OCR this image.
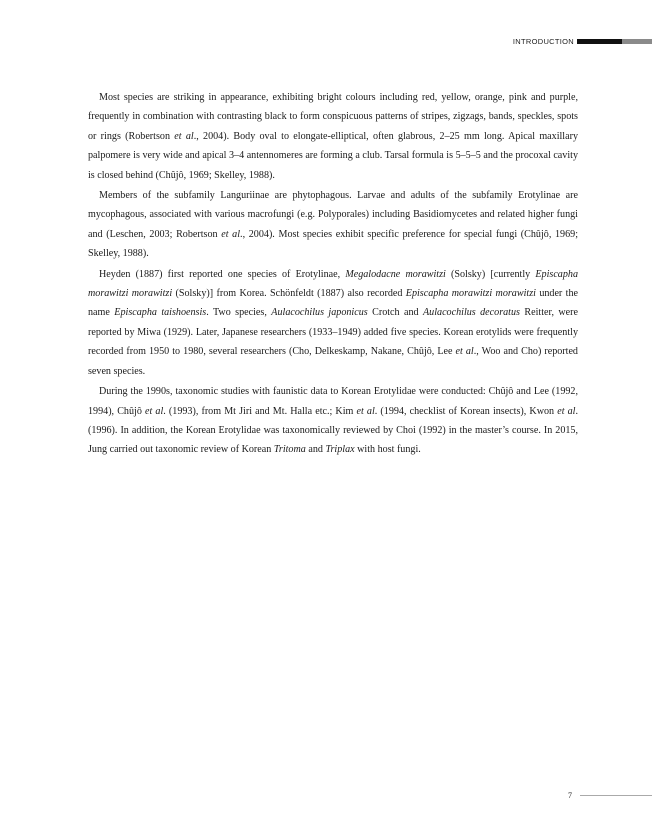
INTRODUCTION

Most species are striking in appearance, exhibiting bright colours including red, yellow, orange, pink and purple, frequently in combination with contrasting black to form conspicuous patterns of stripes, zigzags, bands, speckles, spots or rings (Robertson et al., 2004). Body oval to elongate-elliptical, often glabrous, 2–25 mm long. Apical maxillary palpomere is very wide and apical 3–4 antennomeres are forming a club. Tarsal formula is 5–5–5 and the procoxal cavity is closed behind (Chûjô, 1969; Skelley, 1988).

Members of the subfamily Languriinae are phytophagous. Larvae and adults of the subfamily Erotylinae are mycophagous, associated with various macrofungi (e.g. Polyporales) including Basidiomycetes and related higher fungi and (Leschen, 2003; Robertson et al., 2004). Most species exhibit specific preference for special fungi (Chûjô, 1969; Skelley, 1988).

Heyden (1887) first reported one species of Erotylinae, Megalodacne morawitzi (Solsky) [currently Episcapha morawitzi morawitzi (Solsky)] from Korea. Schönfeldt (1887) also recorded Episcapha morawitzi morawitzi under the name Episcapha taishoensis. Two species, Aulacochilus japonicus Crotch and Aulacochilus decoratus Reitter, were reported by Miwa (1929). Later, Japanese researchers (1933–1949) added five species. Korean erotylids were frequently recorded from 1950 to 1980, several researchers (Cho, Delkeskamp, Nakane, Chûjô, Lee et al., Woo and Cho) reported seven species.

During the 1990s, taxonomic studies with faunistic data to Korean Erotylidae were conducted: Chûjô and Lee (1992, 1994), Chûjô et al. (1993), from Mt Jiri and Mt. Halla etc.; Kim et al. (1994, checklist of Korean insects), Kwon et al. (1996). In addition, the Korean Erotylidae was taxonomically reviewed by Choi (1992) in the master’s course. In 2015, Jung carried out taxonomic review of Korean Tritoma and Triplax with host fungi.

7
